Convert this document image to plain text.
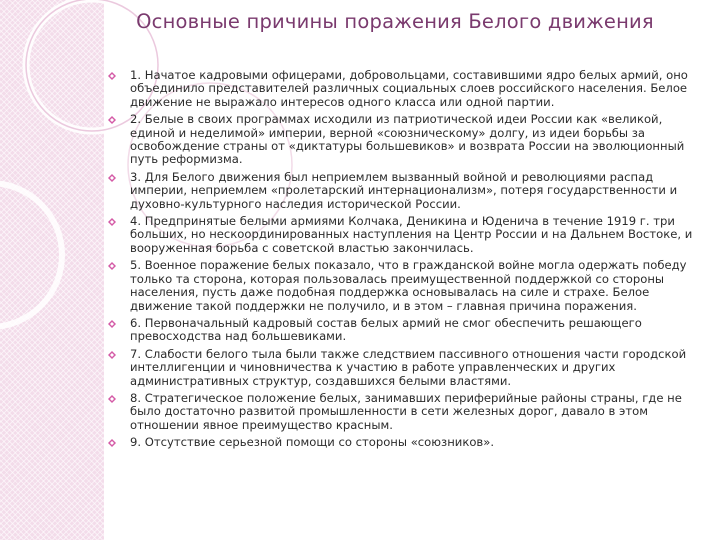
Основные причины поражения Белого движения
1. Начатое кадровыми офицерами, добровольцами, составившими ядро белых армий, оно объединило представителей различных социальных слоев российского населения. Белое движение не выражало интересов одного класса или одной партии.
2. Белые в своих программах исходили из патриотической идеи России как «великой, единой и неделимой» империи, верной «союзническому» долгу, из идеи борьбы за освобождение страны от «диктатуры большевиков» и возврата России на эволюционный путь реформизма.
3. Для Белого движения был неприемлем вызванный войной и революциями распад империи, неприемлем «пролетарский интернационализм», потеря государственности и духовно-культурного наследия исторической России.
4. Предпринятые белыми армиями Колчака, Деникина и Юденича в течение 1919 г. три больших, но нескоординированных наступления на Центр России и на Дальнем Востоке, и вооруженная борьба с советской властью закончилась.
5. Военное поражение белых показало, что в гражданской войне могла одержать победу только та сторона, которая пользовалась преимущественной поддержкой со стороны населения, пусть даже подобная поддержка основывалась на силе и страхе. Белое движение такой поддержки не получило, и в этом – главная причина поражения.
6. Первоначальный кадровый состав белых армий не смог обеспечить решающего превосходства над большевиками.
7. Слабости белого тыла были также следствием пассивного отношения части городской интеллигенции и чиновничества к участию в работе управленческих и других административных структур, создавшихся белыми властями.
8. Стратегическое положение белых, занимавших периферийные районы страны, где не было достаточно развитой промышленности в сети железных дорог, давало в этом отношении явное преимущество красным.
9. Отсутствие серьезной помощи со стороны «союзников».
